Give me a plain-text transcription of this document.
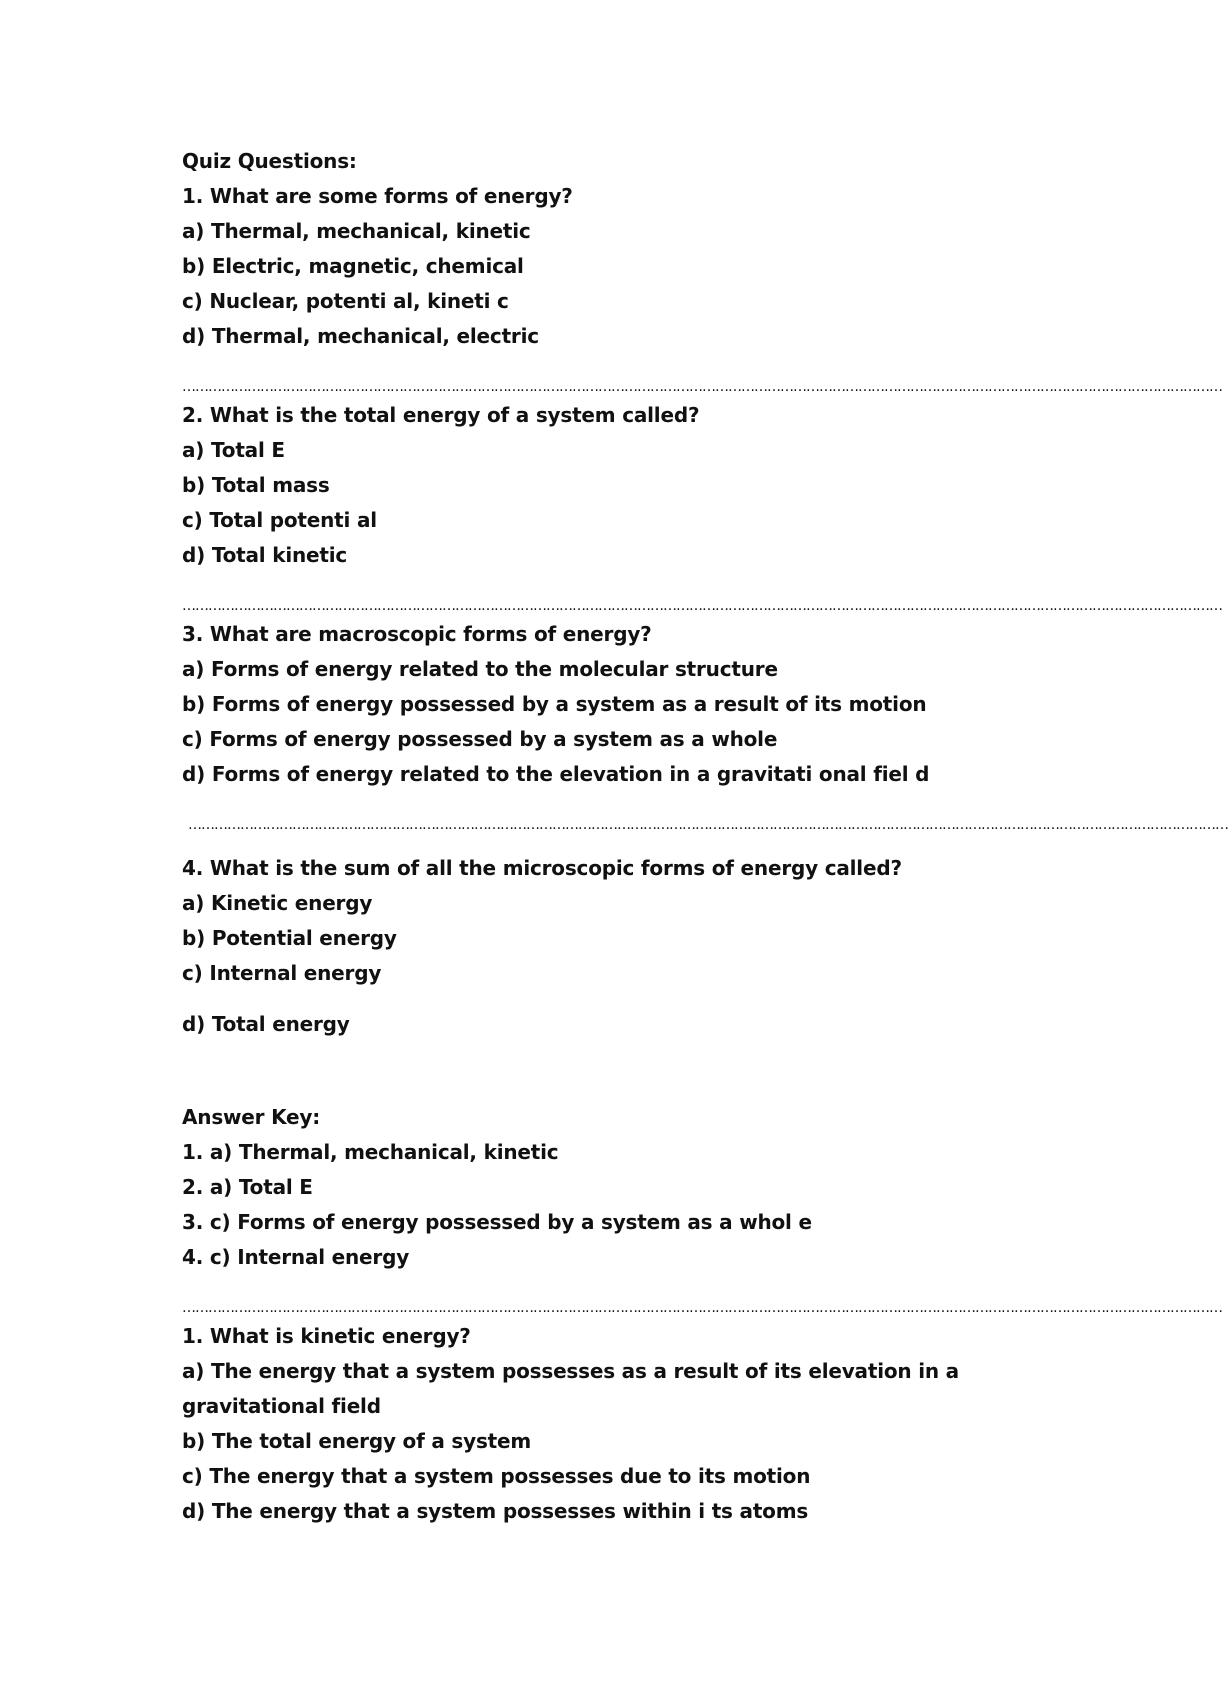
Quiz Questions:
1. What are some forms of energy?
a) Thermal, mechanical, kinetic
b) Electric, magnetic, chemical
c) Nuclear, potenti al, kineti c
d) Thermal, mechanical, electric
……………………………………………………………………………………………………………………………………………………………………………………………………………………
2. What is the total energy of a system called?
a) Total E
b) Total mass
c) Total potenti al
d) Total kinetic
……………………………………………………………………………………………………………………………………………………………………………………………………………………
3. What are macroscopic forms of energy?
a) Forms of energy related to the molecular structure
b) Forms of energy possessed by a system as a result of its motion
c) Forms of energy possessed by a system as a whole
d) Forms of energy related to the elevation in a gravitati onal fiel d
……………………………………………………………………………………………………………………………………………………………………………………………………………………
4. What is the sum of all the microscopic forms of energy called?
a) Kinetic energy
b) Potential energy
c) Internal energy
d) Total energy
Answer Key:
1. a) Thermal, mechanical, kinetic
2. a) Total E
3. c) Forms of energy possessed by a system as a whol e
4. c) Internal energy
……………………………………………………………………………………………………………………………………………………………………………………………………………………
1. What is kinetic energy?
a) The energy that a system possesses as a result of its elevation in a
gravitational field
b) The total energy of a system
c) The energy that a system possesses due to its motion
d) The energy that a system possesses within i ts atoms
